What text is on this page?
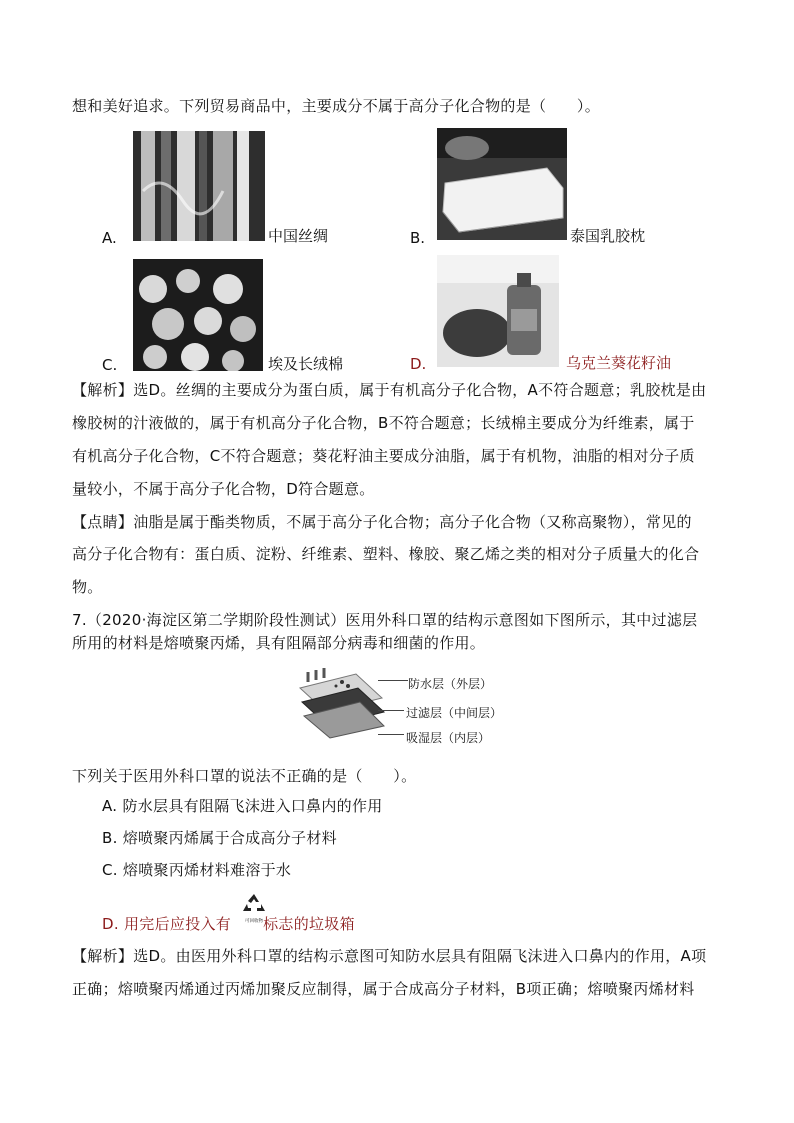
想和美好追求。下列贸易商品中，主要成分不属于高分子化合物的是（　　）。
A.	中国丝绸	B.	泰国乳胶枕
C.	埃及长绒棉	D.	乌克兰葵花籽油
【解析】选D。丝绸的主要成分为蛋白质，属于有机高分子化合物，A不符合题意；乳胶枕是由
橡胶树的汁液做的，属于有机高分子化合物，B不符合题意；长绒棉主要成分为纤维素，属于
有机高分子化合物，C不符合题意；葵花籽油主要成分油脂，属于有机物，油脂的相对分子质
量较小，不属于高分子化合物，D符合题意。
【点睛】油脂是属于酯类物质，不属于高分子化合物；高分子化合物（又称高聚物），常见的
高分子化合物有：蛋白质、淀粉、纤维素、塑料、橡胶、聚乙烯之类的相对分子质量大的化合
物。
7.（2020·海淀区第二学期阶段性测试）医用外科口罩的结构示意图如下图所示，其中过滤层
所用的材料是熔喷聚丙烯，具有阻隔部分病毒和细菌的作用。
防水层（外层）
过滤层（中间层）
吸湿层（内层）
下列关于医用外科口罩的说法不正确的是（　　）。
A. 防水层具有阻隔飞沫进入口鼻内的作用
B. 熔喷聚丙烯属于合成高分子材料
C. 熔喷聚丙烯材料难溶于水
D. 用完后应投入有 标志的垃圾箱
可回收物
【解析】选D。由医用外科口罩的结构示意图可知防水层具有阻隔飞沫进入口鼻内的作用，A项
正确；熔喷聚丙烯通过丙烯加聚反应制得，属于合成高分子材料，B项正确；熔喷聚丙烯材料
